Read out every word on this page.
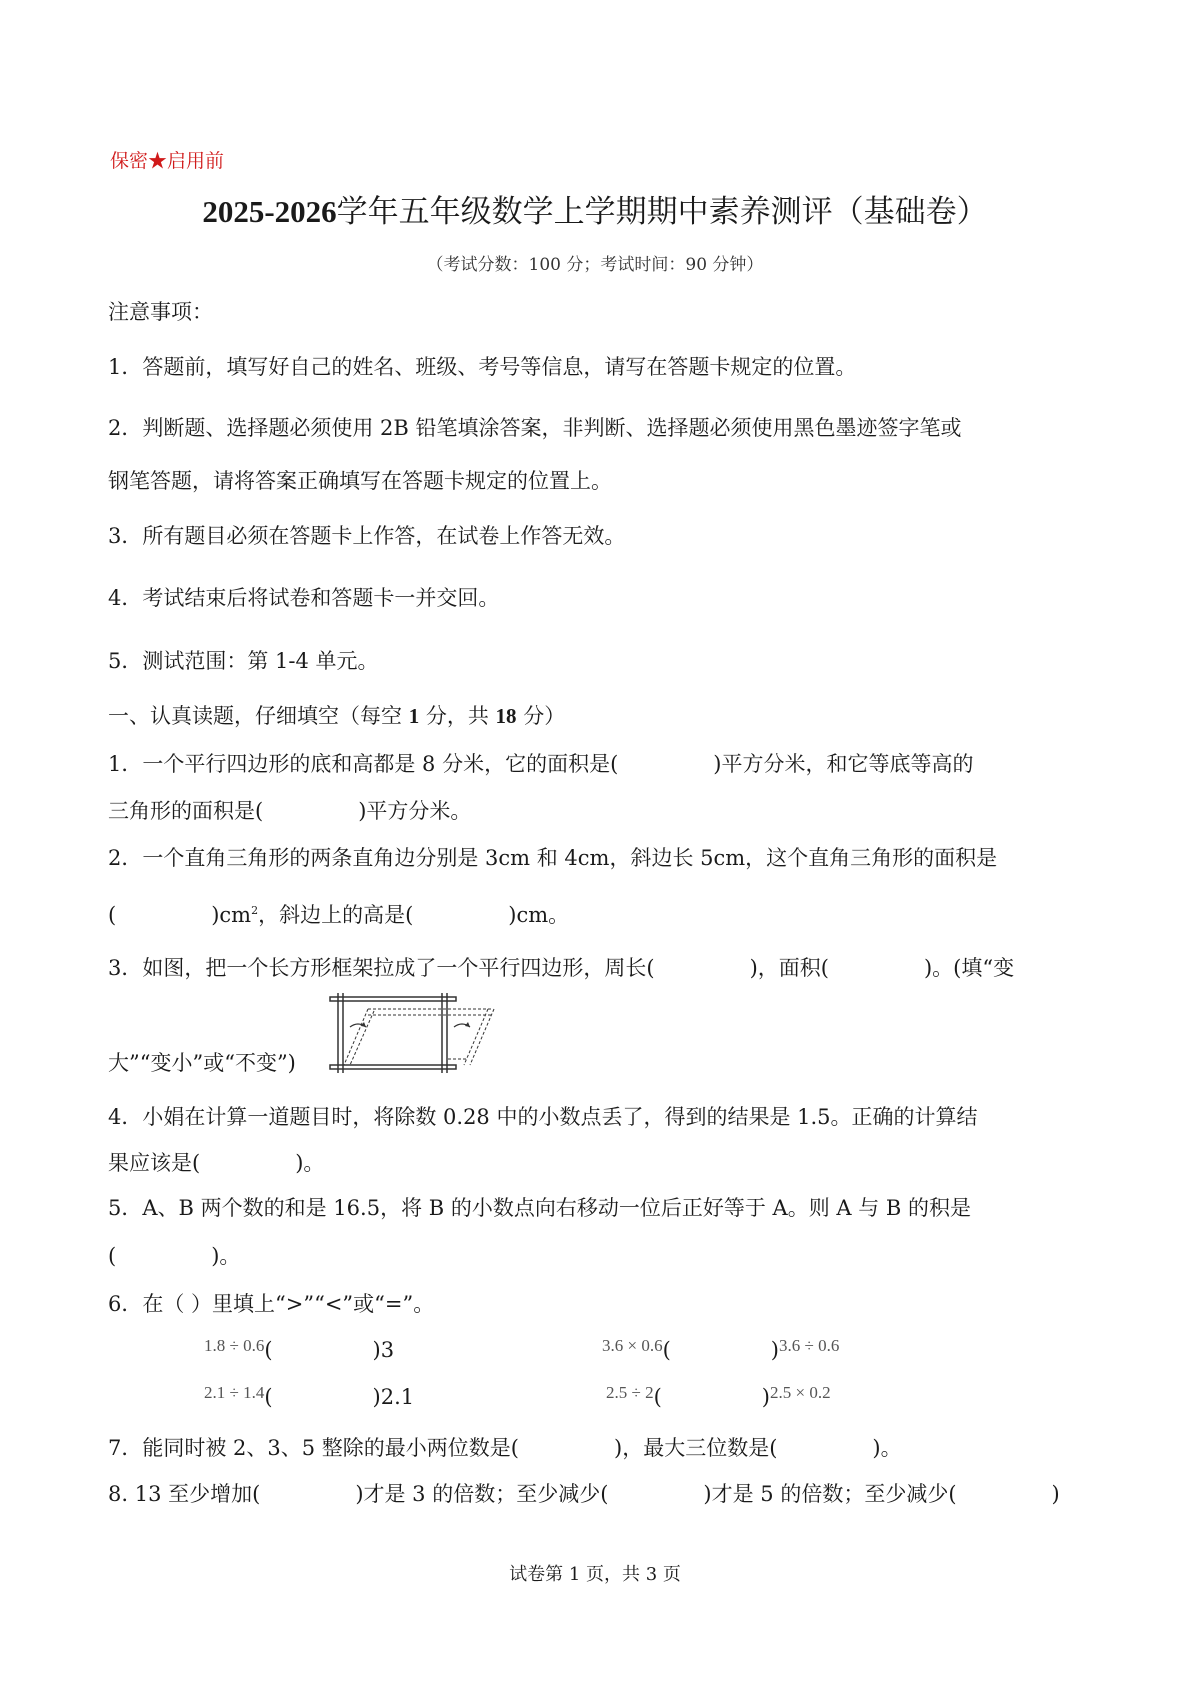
保密★启用前
2025-2026学年五年级数学上学期期中素养测评（基础卷）
（考试分数：100 分；考试时间：90 分钟）
注意事项：
1．答题前，填写好自己的姓名、班级、考号等信息，请写在答题卡规定的位置。
2．判断题、选择题必须使用 2B 铅笔填涂答案，非判断、选择题必须使用黑色墨迹签字笔或
钢笔答题，请将答案正确填写在答题卡规定的位置上。
3．所有题目必须在答题卡上作答，在试卷上作答无效。
4．考试结束后将试卷和答题卡一并交回。
5．测试范围：第 1-4 单元。
一、认真读题，仔细填空（每空 1 分，共 18 分）
1．一个平行四边形的底和高都是 8 分米，它的面积是(	)平方分米，和它等底等高的
三角形的面积是(	)平方分米。
2．一个直角三角形的两条直角边分别是 3cm 和 4cm，斜边长 5cm，这个直角三角形的面积是
(	)$cm^2$，斜边上的高是(	)cm。
3．如图，把一个长方形框架拉成了一个平行四边形，周长(	)，面积(	)。(填“变
大”“变小”或“不变”)
4．小娟在计算一道题目时，将除数 0.28 中的小数点丢了，得到的结果是 1.5。正确的计算结
果应该是(	)。
5．A、B 两个数的和是 16.5，将 B 的小数点向右移动一位后正好等于 A。则 A 与 B 的积是
(	)。
6．在（ ）里填上“>”“<”或“=”。
$^{1.8 \div 0.6}$(	)3	$^{3.6 \times 0.6}$(	)$^{3.6 \div 0.6}$
$^{2.1 \div 1.4}$(	)2.1	$^{2.5 \div 2}$(	)$^{2.5 \times 0.2}$
7．能同时被 2、3、5 整除的最小两位数是(	)，最大三位数是(	)。
8. 13 至少增加(	)才是 3 的倍数；至少减少(	)才是 5 的倍数；至少减少(	)
试卷第 1 页，共 3 页
